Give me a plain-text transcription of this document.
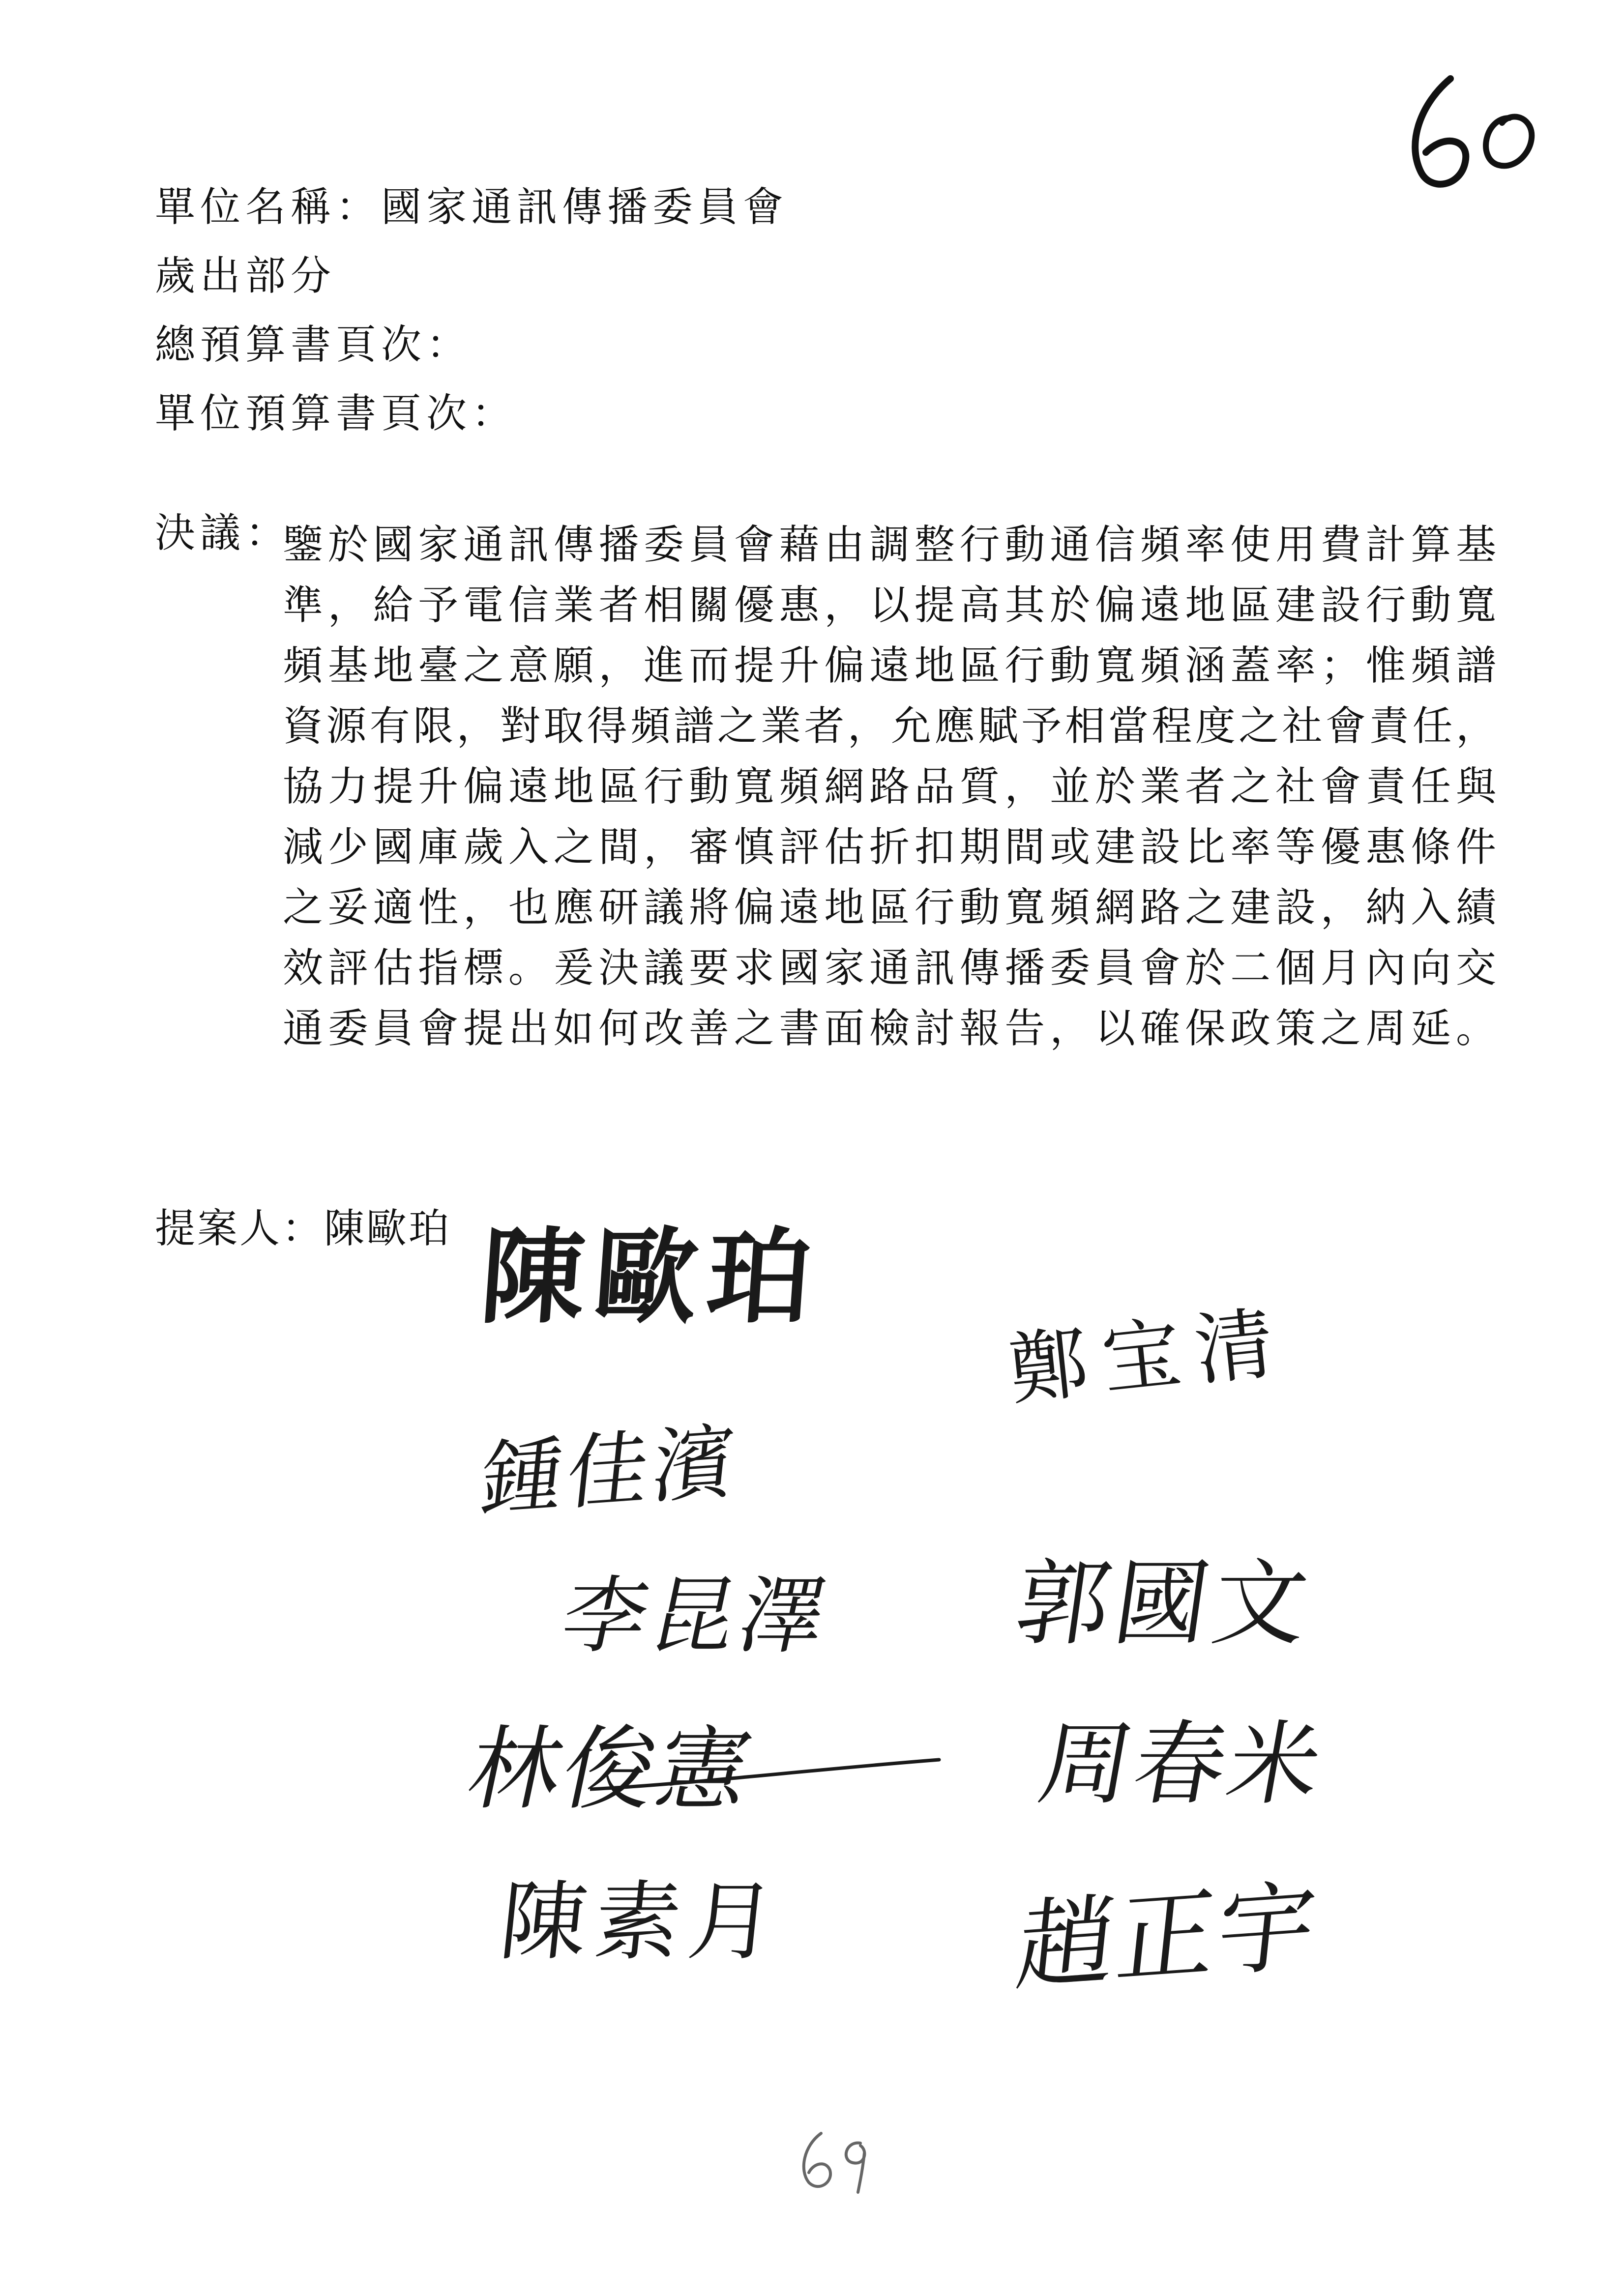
單位名稱：國家通訊傳播委員會
歲出部分
總預算書頁次：
單位預算書頁次：
決議：
鑒於國家通訊傳播委員會藉由調整行動通信頻率使用費計算基
準，給予電信業者相關優惠，以提高其於偏遠地區建設行動寬
頻基地臺之意願，進而提升偏遠地區行動寬頻涵蓋率；惟頻譜
資源有限，對取得頻譜之業者，允應賦予相當程度之社會責任，
協力提升偏遠地區行動寬頻網路品質，並於業者之社會責任與
減少國庫歲入之間，審慎評估折扣期間或建設比率等優惠條件
之妥適性，也應研議將偏遠地區行動寬頻網路之建設，納入績
效評估指標。爰決議要求國家通訊傳播委員會於二個月內向交
通委員會提出如何改善之書面檢討報告，以確保政策之周延。
提案人：陳歐珀 陳歐珀
鄭宝清
鍾佳濱
李昆澤 郭國文
林俊憲	周春米
陳素月 趙正宇
